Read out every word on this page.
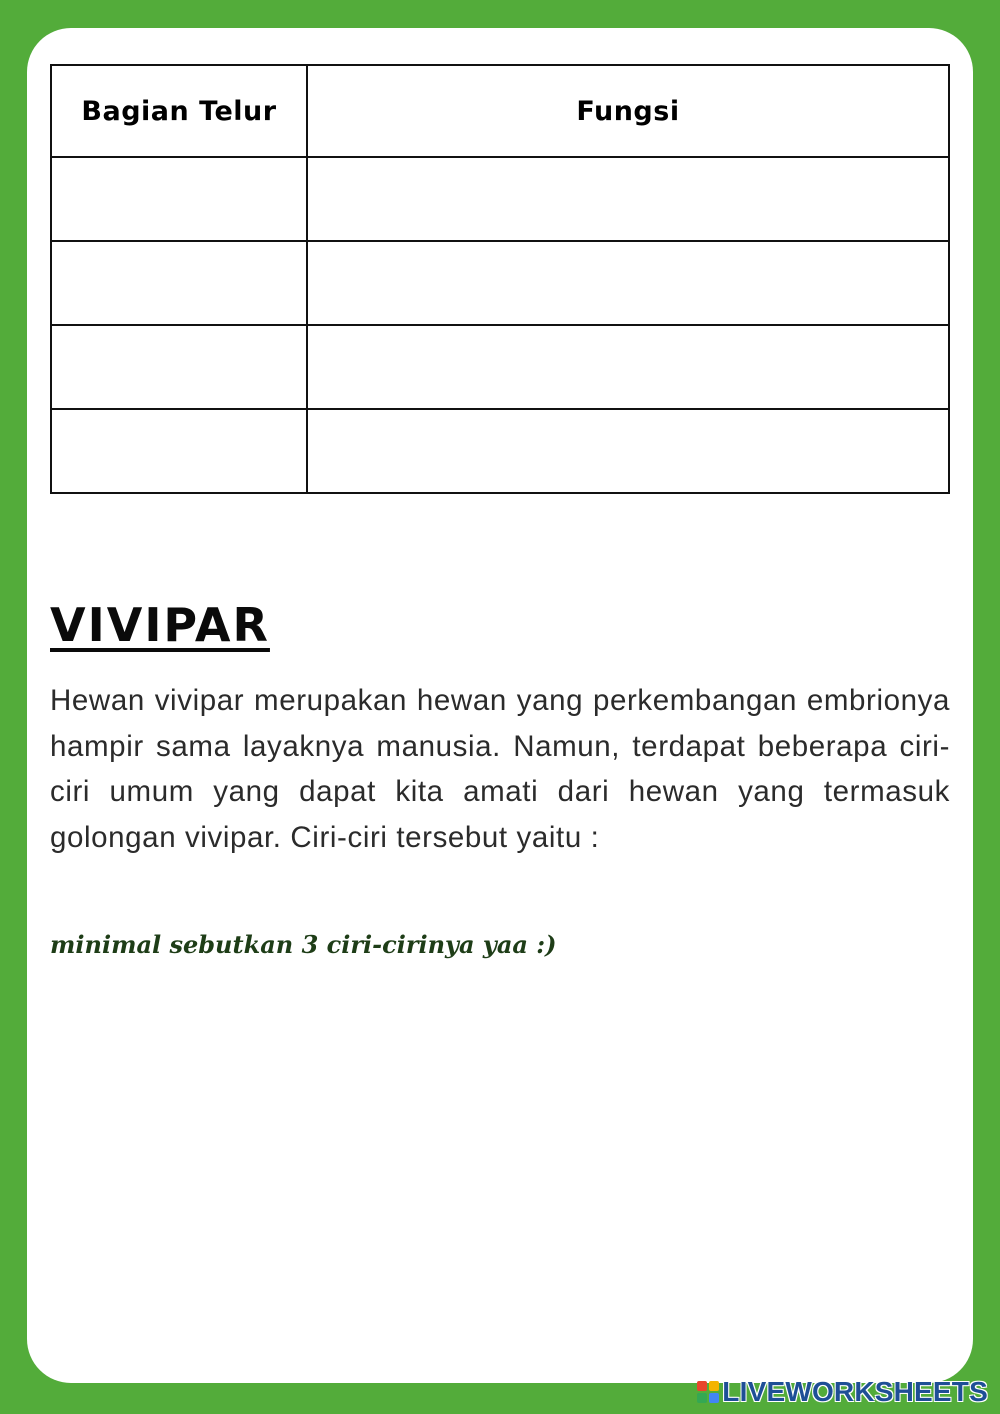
Bagian Telur	Fungsi

VIVIPAR

Hewan vivipar merupakan hewan yang perkembangan embrionya hampir sama layaknya manusia. Namun, terdapat beberapa ciri-ciri umum yang dapat kita amati dari hewan yang termasuk golongan vivipar. Ciri-ciri tersebut yaitu :

minimal sebutkan 3 ciri-cirinya yaa :)

LIVEWORKSHEETS
